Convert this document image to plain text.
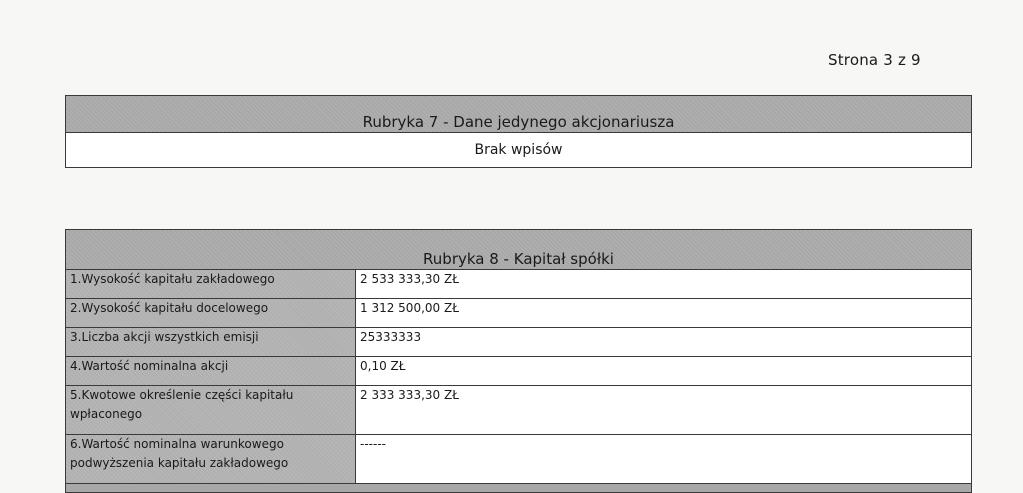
Strona 3 z 9
Rubryka 7 - Dane jedynego akcjonariusza
Brak wpisów
Rubryka 8 - Kapitał spółki	
1.Wysokość kapitału zakładowego	2 533 333,30 ZŁ
2.Wysokość kapitału docelowego	1 312 500,00 ZŁ
3.Liczba akcji wszystkich emisji	25333333
4.Wartość nominalna akcji	0,10 ZŁ
5.Kwotowe określenie części kapitału wpłaconego	2 333 333,30 ZŁ
6.Wartość nominalna warunkowego podwyższenia kapitału zakładowego	------
